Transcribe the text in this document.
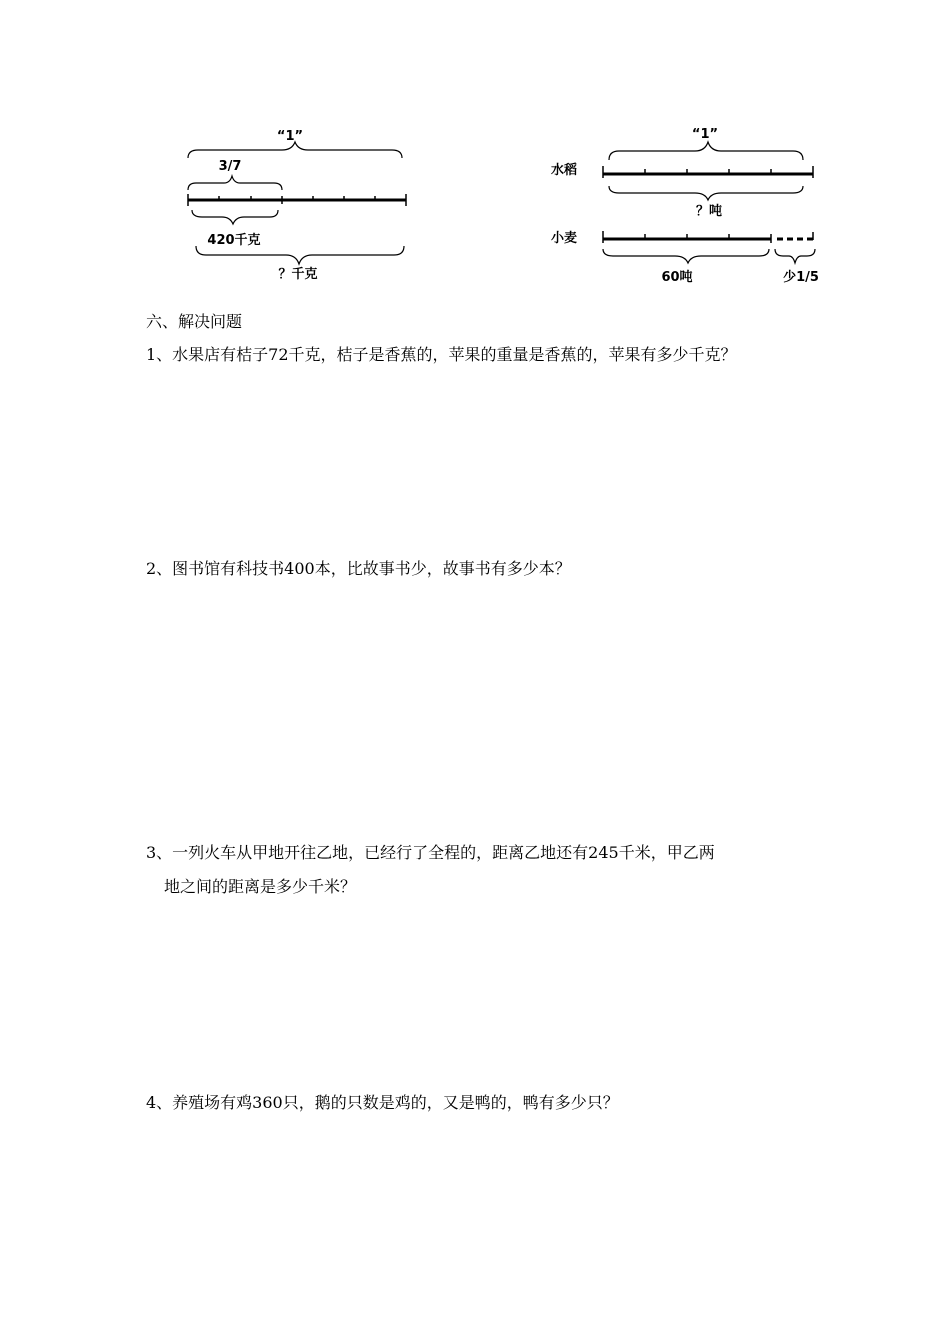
“1”
3/7
420千克
？千克
“1”
水稻
？吨
小麦
60吨	少1/5
六、解决问题

1、水果店有桔子72千克，桔子是香蕉的，苹果的重量是香蕉的，苹果有多少千克？

2、图书馆有科技书400本，比故事书少，故事书有多少本？

3、一列火车从甲地开往乙地，已经行了全程的，距离乙地还有245千米，甲乙两
地之间的距离是多少千米？

4、养殖场有鸡360只，鹅的只数是鸡的，又是鸭的，鸭有多少只？
